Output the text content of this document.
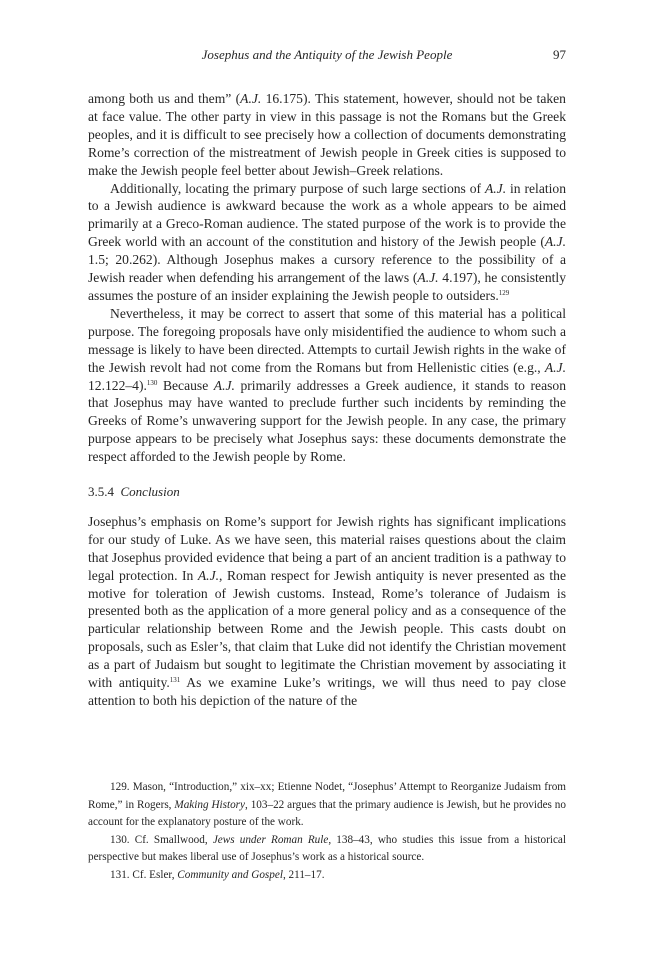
Josephus and the Antiquity of the Jewish People	97

among both us and them” (A.J. 16.175). This statement, however, should not be taken at face value. The other party in view in this passage is not the Romans but the Greek peoples, and it is difficult to see precisely how a collection of documents demonstrating Rome’s correction of the mistreatment of Jewish people in Greek cities is supposed to make the Jewish people feel better about Jewish–Greek relations.

Additionally, locating the primary purpose of such large sections of A.J. in relation to a Jewish audience is awkward because the work as a whole appears to be aimed primarily at a Greco-Roman audience. The stated purpose of the work is to provide the Greek world with an account of the constitution and history of the Jewish people (A.J. 1.5; 20.262). Although Josephus makes a cursory reference to the possibility of a Jewish reader when defending his arrangement of the laws (A.J. 4.197), he consistently assumes the posture of an insider explaining the Jewish people to outsiders.$^{129}$

Nevertheless, it may be correct to assert that some of this material has a political purpose. The foregoing proposals have only misidentified the audience to whom such a message is likely to have been directed. Attempts to curtail Jewish rights in the wake of the Jewish revolt had not come from the Romans but from Hellenistic cities (e.g., A.J. 12.122–4).$^{130}$ Because A.J. primarily addresses a Greek audience, it stands to reason that Josephus may have wanted to preclude further such incidents by reminding the Greeks of Rome’s unwavering support for the Jewish people. In any case, the primary purpose appears to be precisely what Josephus says: these documents demonstrate the respect afforded to the Jewish people by Rome.

3.5.4 Conclusion

Josephus’s emphasis on Rome’s support for Jewish rights has significant implications for our study of Luke. As we have seen, this material raises questions about the claim that Josephus provided evidence that being a part of an ancient tradition is a pathway to legal protection. In A.J., Roman respect for Jewish antiquity is never presented as the motive for toleration of Jewish customs. Instead, Rome’s tolerance of Judaism is presented both as the application of a more general policy and as a consequence of the particular relationship between Rome and the Jewish people. This casts doubt on proposals, such as Esler’s, that claim that Luke did not identify the Christian movement as a part of Judaism but sought to legitimate the Christian movement by associating it with antiquity.$^{131}$ As we examine Luke’s writings, we will thus need to pay close attention to both his depiction of the nature of the

129. Mason, “Introduction,” xix–xx; Etienne Nodet, “Josephus’ Attempt to Reorganize Judaism from Rome,” in Rogers, Making History, 103–22 argues that the primary audience is Jewish, but he provides no account for the explanatory posture of the work.

130. Cf. Smallwood, Jews under Roman Rule, 138–43, who studies this issue from a historical perspective but makes liberal use of Josephus’s work as a historical source.

131. Cf. Esler, Community and Gospel, 211–17.
